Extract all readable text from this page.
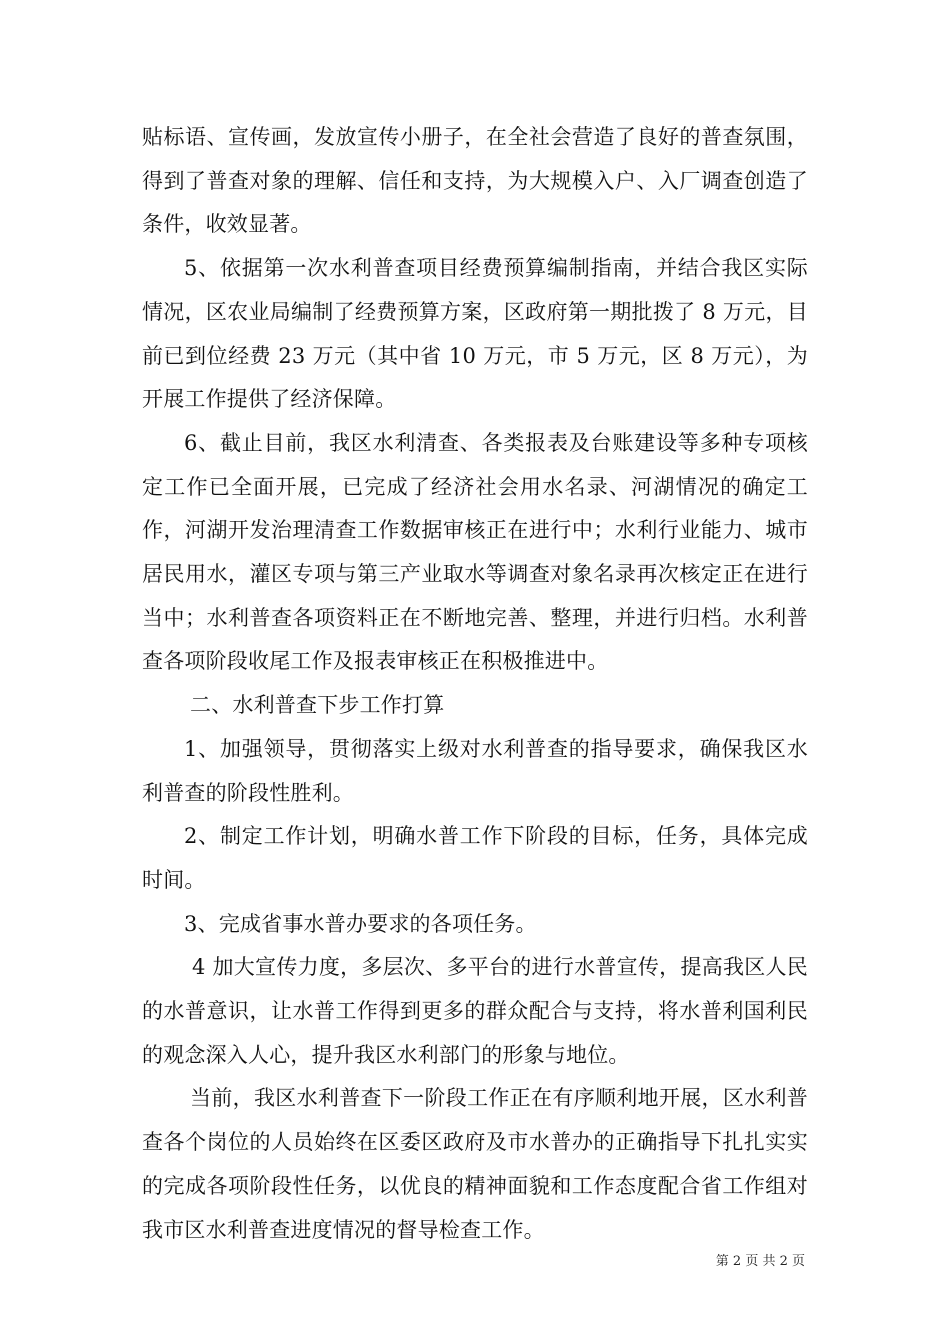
贴标语、宣传画，发放宣传小册子，在全社会营造了良好的普查氛围，得到了普查对象的理解、信任和支持，为大规模入户、入厂调查创造了条件，收效显著。

5、依据第一次水利普查项目经费预算编制指南，并结合我区实际情况，区农业局编制了经费预算方案，区政府第一期批拨了 8 万元，目前已到位经费 23 万元（其中省 10 万元，市 5 万元，区 8 万元），为开展工作提供了经济保障。

6、截止目前，我区水利清查、各类报表及台账建设等多种专项核定工作已全面开展，已完成了经济社会用水名录、河湖情况的确定工作，河湖开发治理清查工作数据审核正在进行中；水利行业能力、城市居民用水，灌区专项与第三产业取水等调查对象名录再次核定正在进行当中；水利普查各项资料正在不断地完善、整理，并进行归档。水利普查各项阶段收尾工作及报表审核正在积极推进中。

二、水利普查下步工作打算

1、加强领导，贯彻落实上级对水利普查的指导要求，确保我区水利普查的阶段性胜利。

2、制定工作计划，明确水普工作下阶段的目标，任务，具体完成时间。

3、完成省事水普办要求的各项任务。

4 加大宣传力度，多层次、多平台的进行水普宣传，提高我区人民的水普意识，让水普工作得到更多的群众配合与支持，将水普利国利民的观念深入人心，提升我区水利部门的形象与地位。

当前，我区水利普查下一阶段工作正在有序顺利地开展，区水利普查各个岗位的人员始终在区委区政府及市水普办的正确指导下扎扎实实的完成各项阶段性任务，以优良的精神面貌和工作态度配合省工作组对我市区水利普查进度情况的督导检查工作。

第 2 页 共 2 页
